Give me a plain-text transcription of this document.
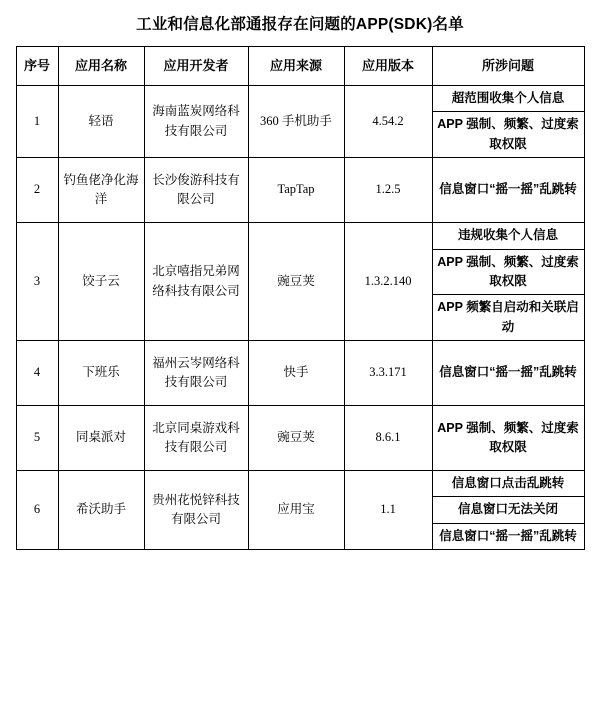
工业和信息化部通报存在问题的APP(SDK)名单
序号	应用名称	应用开发者	应用来源	应用版本	所涉问题
1	轻语	海南蓝炭网络科技有限公司	360 手机助手	4.54.2	超范围收集个人信息
					APP 强制、频繁、过度索取权限
2	钓鱼佬净化海洋	长沙俊游科技有限公司	TapTap	1.2.5	信息窗口“摇一摇”乱跳转
3	饺子云	北京嘻指兄弟网络科技有限公司	豌豆荚	1.3.2.140	违规收集个人信息
					APP 强制、频繁、过度索取权限
					APP 频繁自启动和关联启动
4	下班乐	福州云岑网络科技有限公司	快手	3.3.171	信息窗口“摇一摇”乱跳转
5	同桌派对	北京同桌游戏科技有限公司	豌豆荚	8.6.1	APP 强制、频繁、过度索取权限
6	希沃助手	贵州花悦锌科技有限公司	应用宝	1.1	信息窗口点击乱跳转
					信息窗口无法关闭
					信息窗口“摇一摇”乱跳转
